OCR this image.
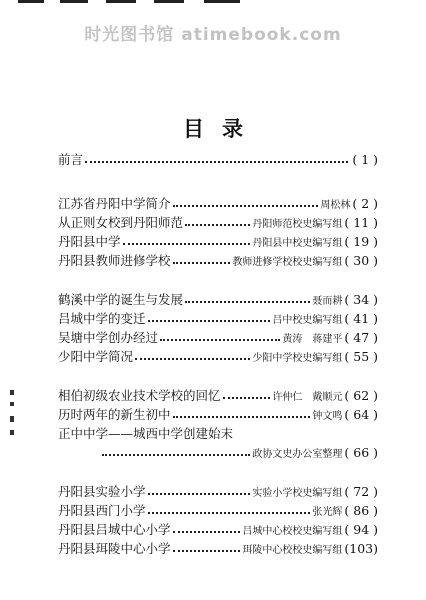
时光图书馆 atimebook.com
目录
前言	( 1 )
江苏省丹阳中学简介	周松林 ( 2 )
从正则女校到丹阳师范	丹阳师范校史编写组 ( 11 )
丹阳县中学	丹阳县中校史编写组 ( 19 )
丹阳县教师进修学校	教师进修学校校史编写组 ( 30 )
鹤溪中学的诞生与发展	聂而耕 ( 34 )
吕城中学的变迁	吕中校史编写组 ( 41 )
吴塘中学创办经过	黄涛　蒋建平 ( 47 )
少阳中学简况	少阳中学校史编写组 ( 55 )
相伯初级农业技术学校的回忆	许仲仁　戴顺元 ( 62 )
历时两年的新生初中	钟文鸣 ( 64 )
正中中学——城西中学创建始末
政协文史办公室整理 ( 66 )
丹阳县实验小学	实验小学校史编写组 ( 72 )
丹阳县西门小学	张光辉 ( 86 )
丹阳县吕城中心小学	吕城中心校校史编写组 ( 94 )
丹阳县珥陵中心小学	珥陵中心校校史编写组 (103)
